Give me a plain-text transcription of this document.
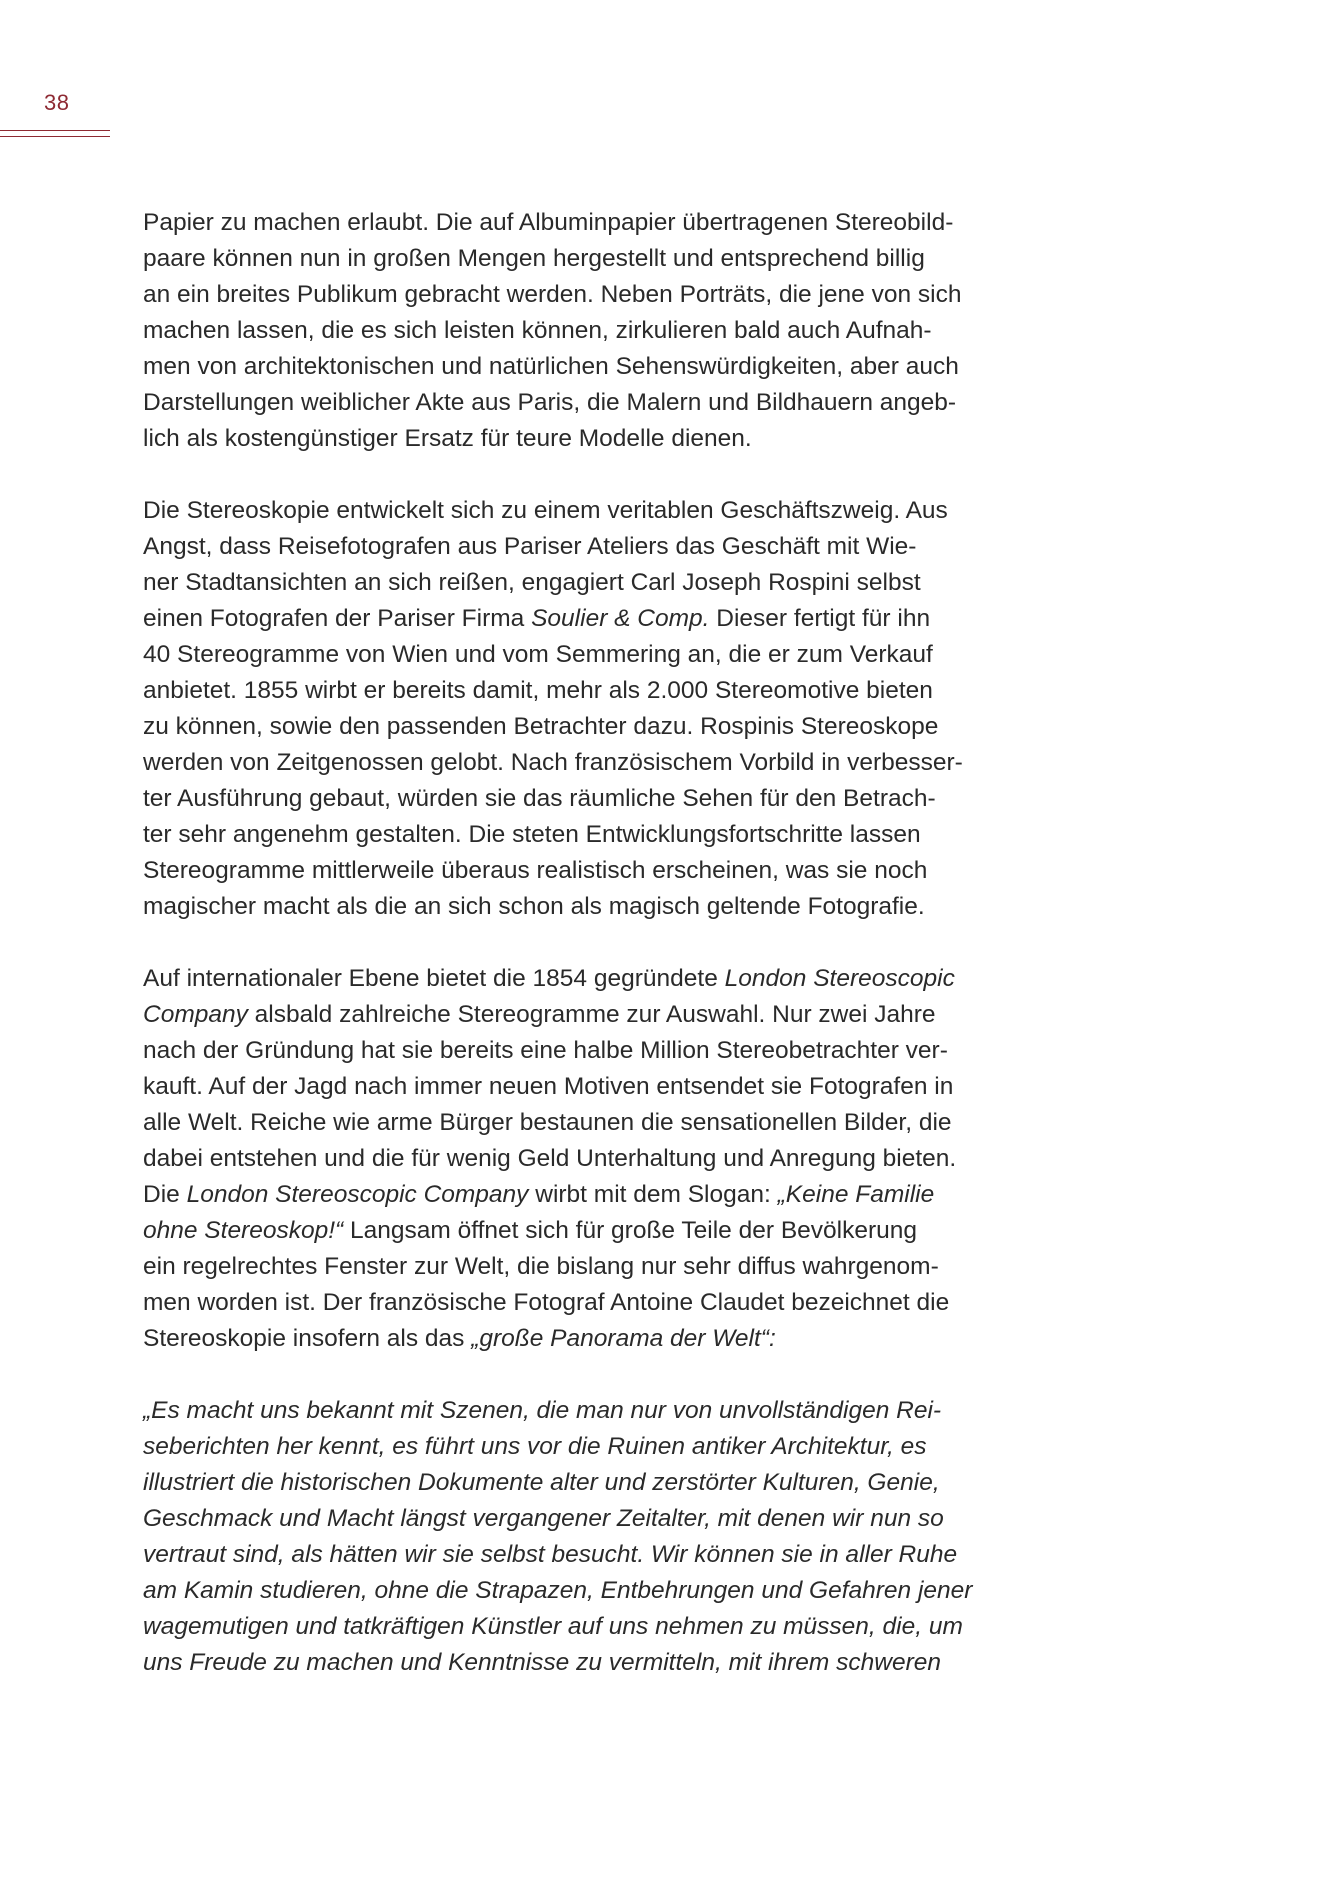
38
Papier zu machen erlaubt. Die auf Albuminpapier übertragenen Stereobild-
paare können nun in großen Mengen hergestellt und entsprechend billig
an ein breites Publikum gebracht werden. Neben Porträts, die jene von sich
machen lassen, die es sich leisten können, zirkulieren bald auch Aufnah-
men von architektonischen und natürlichen Sehenswürdigkeiten, aber auch
Darstellungen weiblicher Akte aus Paris, die Malern und Bildhauern angeb-
lich als kostengünstiger Ersatz für teure Modelle dienen.
Die Stereoskopie entwickelt sich zu einem veritablen Geschäftszweig. Aus
Angst, dass Reisefotografen aus Pariser Ateliers das Geschäft mit Wie-
ner Stadtansichten an sich reißen, engagiert Carl Joseph Rospini selbst
einen Fotografen der Pariser Firma Soulier & Comp. Dieser fertigt für ihn
40 Stereogramme von Wien und vom Semmering an, die er zum Verkauf
anbietet. 1855 wirbt er bereits damit, mehr als 2.000 Stereomotive bieten
zu können, sowie den passenden Betrachter dazu. Rospinis Stereoskope
werden von Zeitgenossen gelobt. Nach französischem Vorbild in verbesser-
ter Ausführung gebaut, würden sie das räumliche Sehen für den Betrach-
ter sehr angenehm gestalten. Die steten Entwicklungsfortschritte lassen
Stereogramme mittlerweile überaus realistisch erscheinen, was sie noch
magischer macht als die an sich schon als magisch geltende Fotografie.
Auf internationaler Ebene bietet die 1854 gegründete London Stereoscopic
Company alsbald zahlreiche Stereogramme zur Auswahl. Nur zwei Jahre
nach der Gründung hat sie bereits eine halbe Million Stereobetrachter ver-
kauft. Auf der Jagd nach immer neuen Motiven entsendet sie Fotografen in
alle Welt. Reiche wie arme Bürger bestaunen die sensationellen Bilder, die
dabei entstehen und die für wenig Geld Unterhaltung und Anregung bieten.
Die London Stereoscopic Company wirbt mit dem Slogan: „Keine Familie
ohne Stereoskop!“ Langsam öffnet sich für große Teile der Bevölkerung
ein regelrechtes Fenster zur Welt, die bislang nur sehr diffus wahrgenom-
men worden ist. Der französische Fotograf Antoine Claudet bezeichnet die
Stereoskopie insofern als das „große Panorama der Welt“:
„Es macht uns bekannt mit Szenen, die man nur von unvollständigen Rei-
seberichten her kennt, es führt uns vor die Ruinen antiker Architektur, es
illustriert die historischen Dokumente alter und zerstörter Kulturen, Genie,
Geschmack und Macht längst vergangener Zeitalter, mit denen wir nun so
vertraut sind, als hätten wir sie selbst besucht. Wir können sie in aller Ruhe
am Kamin studieren, ohne die Strapazen, Entbehrungen und Gefahren jener
wagemutigen und tatkräftigen Künstler auf uns nehmen zu müssen, die, um
uns Freude zu machen und Kenntnisse zu vermitteln, mit ihrem schweren
